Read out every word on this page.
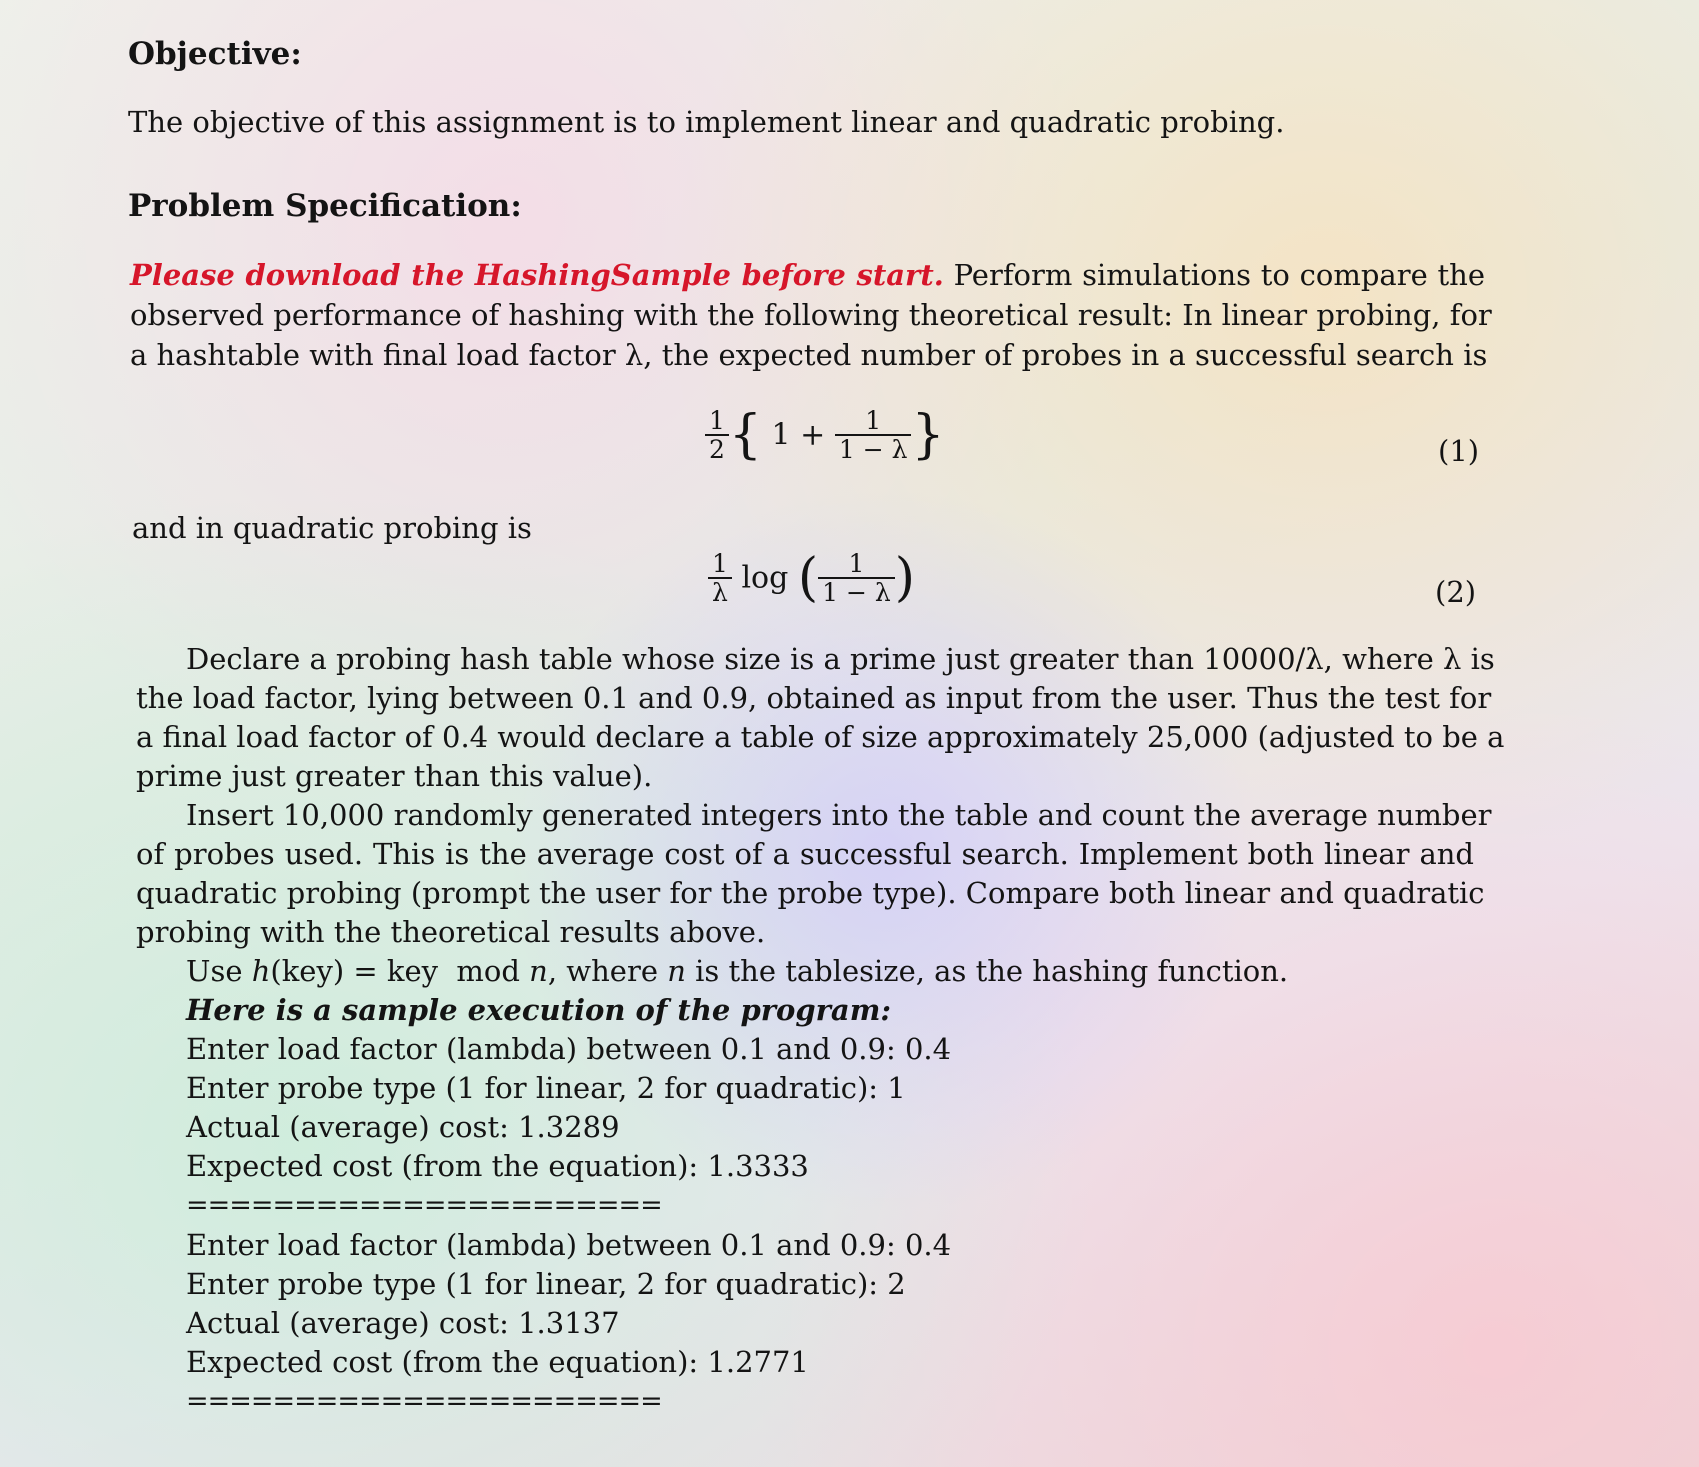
Objective:
The objective of this assignment is to implement linear and quadratic probing.
Problem Specification:
Please download the HashingSample before start. Perform simulations to compare the
observed performance of hashing with the following theoretical result: In linear probing, for
a hashtable with final load factor λ, the expected number of probes in a successful search is
$\frac{1}{2}$ { $1 + \frac{1}{1 - \lambda}$ }	(1)
and in quadratic probing is
$\frac{1}{\lambda}$ log ( $\frac{1}{1 - \lambda}$ )	(2)
Declare a probing hash table whose size is a prime just greater than 10000/λ, where λ is
the load factor, lying between 0.1 and 0.9, obtained as input from the user. Thus the test for
a final load factor of 0.4 would declare a table of size approximately 25,000 (adjusted to be a
prime just greater than this value).
Insert 10,000 randomly generated integers into the table and count the average number
of probes used. This is the average cost of a successful search. Implement both linear and
quadratic probing (prompt the user for the probe type). Compare both linear and quadratic
probing with the theoretical results above.
Use h(key) = key  mod n, where n is the tablesize, as the hashing function.
Here is a sample execution of the program:
Enter load factor (lambda) between 0.1 and 0.9: 0.4
Enter probe type (1 for linear, 2 for quadratic): 1
Actual (average) cost: 1.3289
Expected cost (from the equation): 1.3333
======================
Enter load factor (lambda) between 0.1 and 0.9: 0.4
Enter probe type (1 for linear, 2 for quadratic): 2
Actual (average) cost: 1.3137
Expected cost (from the equation): 1.2771
======================
